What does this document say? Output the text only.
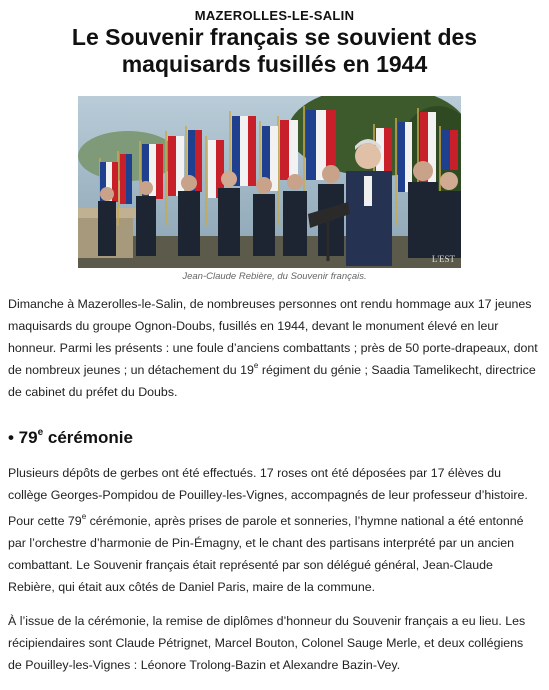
MAZEROLLES-LE-SALIN
Le Souvenir français se souvient des
maquisards fusillés en 1944
L'EST
Jean-Claude Rebière, du Souvenir français.
Dimanche à Mazerolles-le-Salin, de nombreuses personnes ont rendu hommage aux 17 jeunes maquisards du groupe Ognon-Doubs, fusillés en 1944, devant le monument élevé en leur honneur. Parmi les présents : une foule d’anciens combattants ; près de 50 porte-drapeaux, dont de nombreux jeunes ; un détachement du 19e régiment du génie ; Saadia Tamelikecht, directrice de cabinet du préfet du Doubs.
• 79e cérémonie
Plusieurs dépôts de gerbes ont été effectués. 17 roses ont été déposées par 17 élèves du collège Georges-Pompidou de Pouilley-les-Vignes, accompagnés de leur professeur d’histoire.
Pour cette 79e cérémonie, après prises de parole et sonneries, l’hymne national a été entonné par l’orchestre d’harmonie de Pin-Émagny, et le chant des partisans interprété par un ancien combattant. Le Souvenir français était représenté par son délégué général, Jean-Claude Rebière, qui était aux côtés de Daniel Paris, maire de la commune.
À l’issue de la cérémonie, la remise de diplômes d’honneur du Souvenir français a eu lieu. Les récipiendaires sont Claude Pétrignet, Marcel Bouton, Colonel Sauge Merle, et deux collégiens de Pouilley-les-Vignes : Léonore Trolong-Bazin et Alexandre Bazin-Vey.
